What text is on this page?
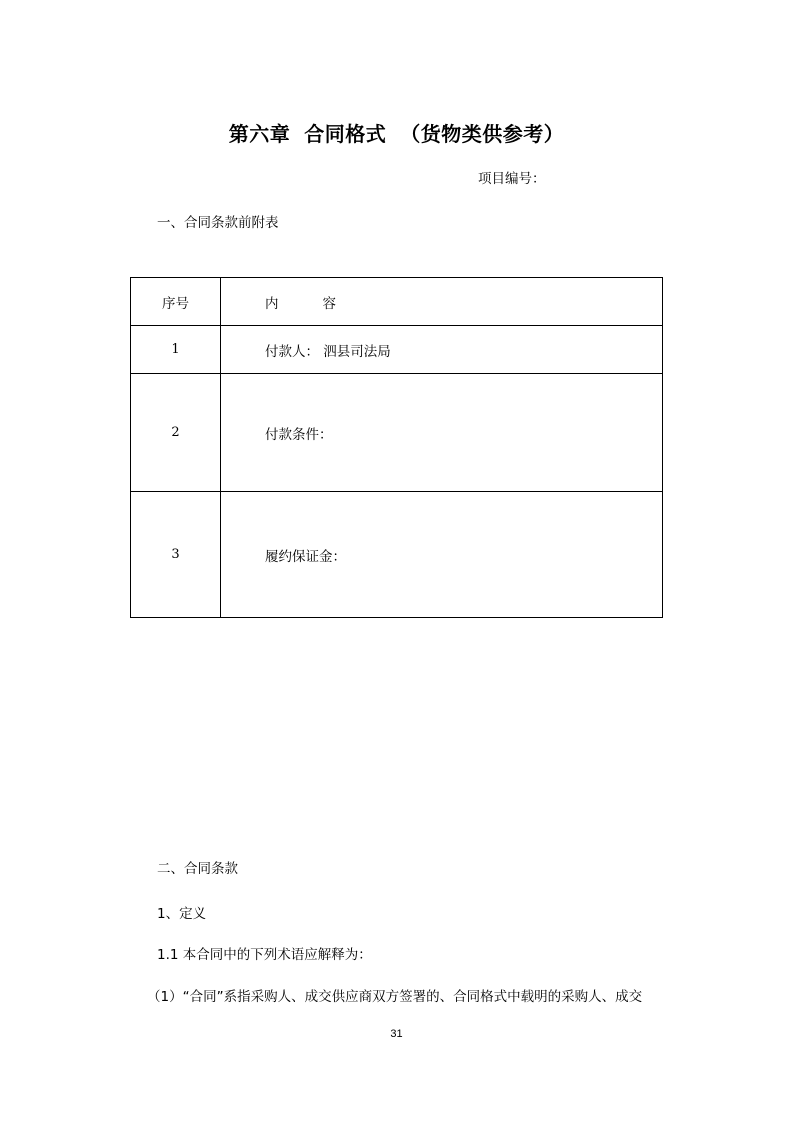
第六章 合同格式 （货物类供参考）
项目编号：
一、合同条款前附表
序号	内 容
1	付款人： 泗县司法局
2	付款条件：
3	履约保证金：
二、合同条款
1、定义
1.1 本合同中的下列术语应解释为：
（1）“合同”系指采购人、成交供应商双方签署的、合同格式中载明的采购人、成交
31
